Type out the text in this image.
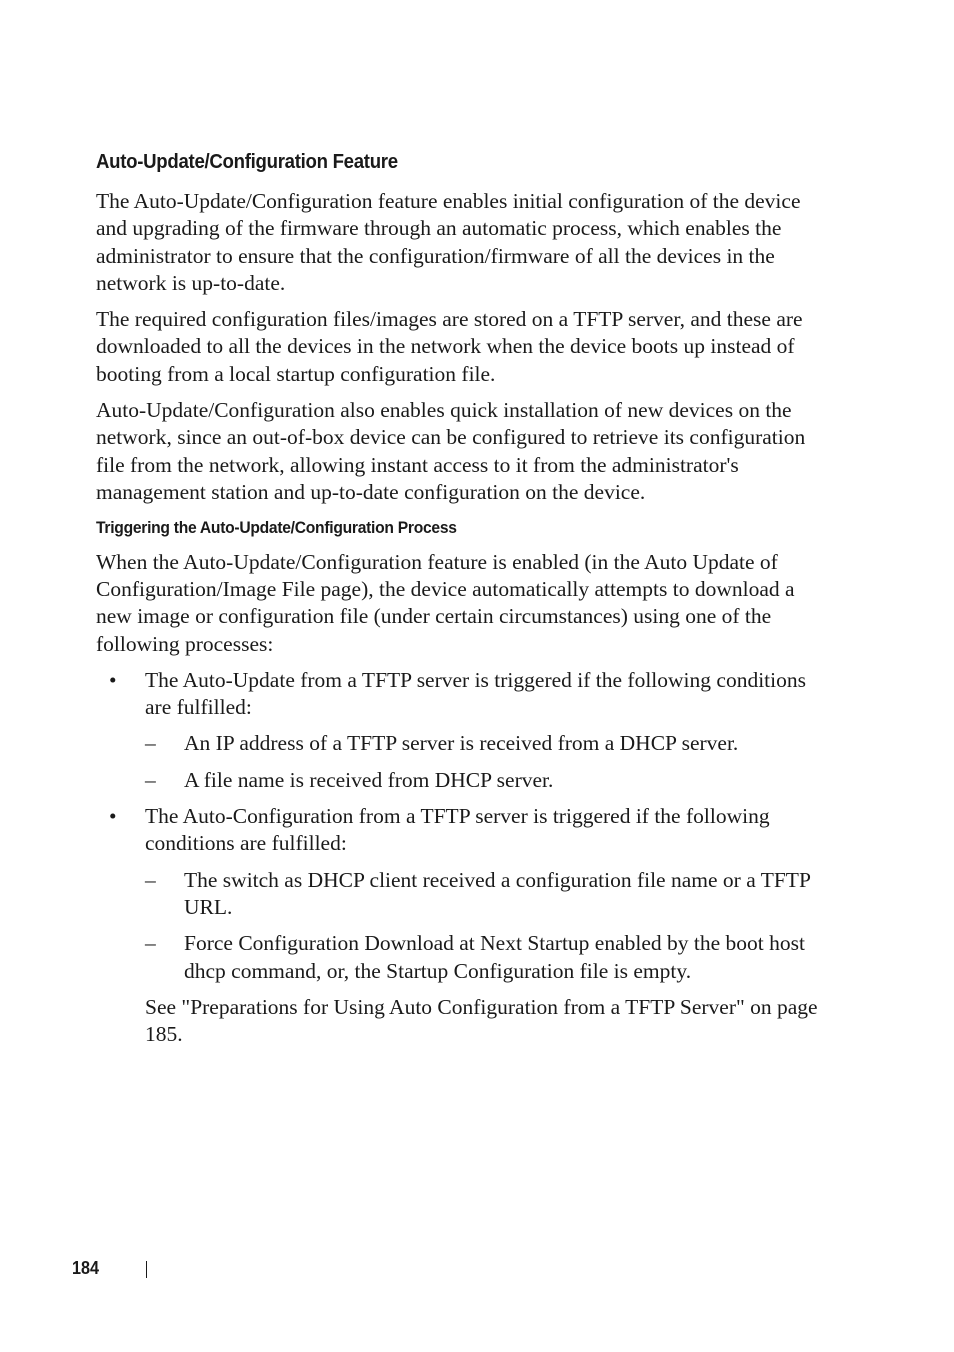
Auto-Update/Configuration Feature

The Auto-Update/Configuration feature enables initial configuration of the device and upgrading of the firmware through an automatic process, which enables the administrator to ensure that the configuration/firmware of all the devices in the network is up-to-date.

The required configuration files/images are stored on a TFTP server, and these are downloaded to all the devices in the network when the device boots up instead of booting from a local startup configuration file.

Auto-Update/Configuration also enables quick installation of new devices on the network, since an out-of-box device can be configured to retrieve its configuration file from the network, allowing instant access to it from the administrator's management station and up-to-date configuration on the device.

Triggering the Auto-Update/Configuration Process

When the Auto-Update/Configuration feature is enabled (in the Auto Update of Configuration/Image File page), the device automatically attempts to download a new image or configuration file (under certain circumstances) using one of the following processes:

• The Auto-Update from a TFTP server is triggered if the following conditions are fulfilled:
– An IP address of a TFTP server is received from a DHCP server.
– A file name is received from DHCP server.
• The Auto-Configuration from a TFTP server is triggered if the following conditions are fulfilled:
– The switch as DHCP client received a configuration file name or a TFTP URL.
– Force Configuration Download at Next Startup enabled by the boot host dhcp command, or, the Startup Configuration file is empty.

See "Preparations for Using Auto Configuration from a TFTP Server" on page 185.

184
